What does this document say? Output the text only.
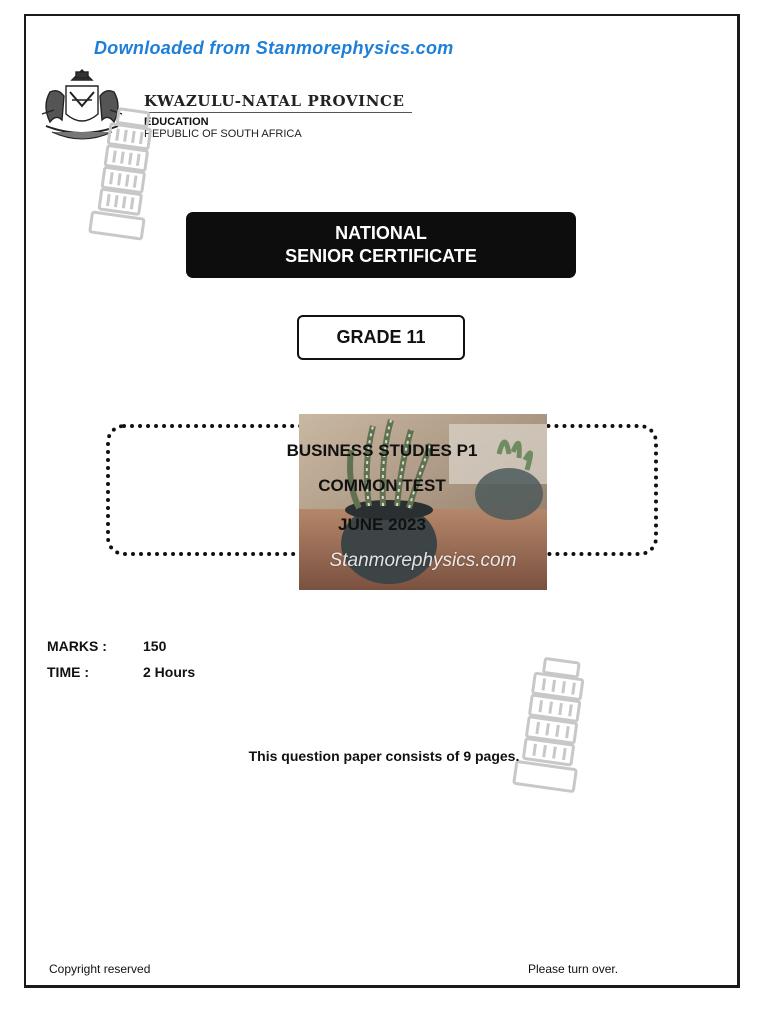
Downloaded from Stanmorephysics.com
KWAZULU-NATAL PROVINCE
EDUCATION
REPUBLIC OF SOUTH AFRICA
NATIONAL
SENIOR CERTIFICATE
GRADE 11
BUSINESS STUDIES P1
COMMON TEST
JUNE 2023
Stanmorephysics.com
MARKS :	150
TIME :	2 Hours
This question paper consists of 9 pages.
Copyright reserved	Please turn over.
